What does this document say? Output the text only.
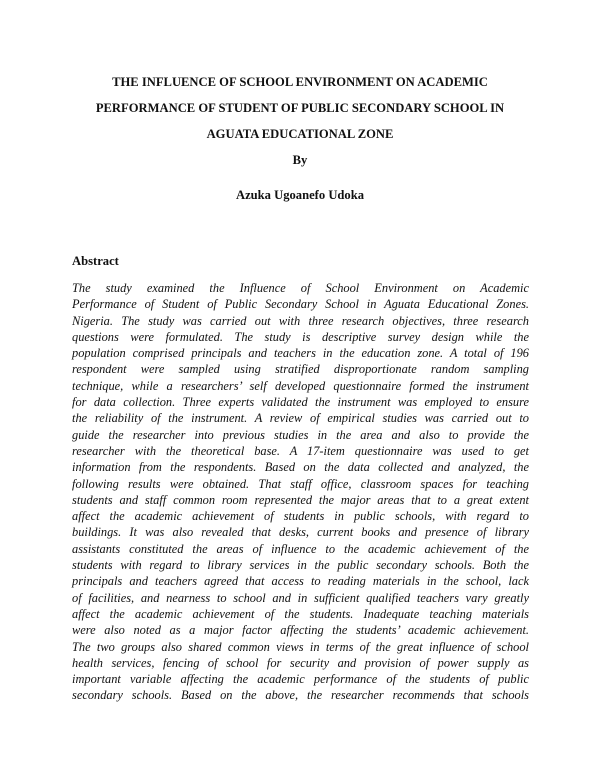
THE INFLUENCE OF SCHOOL ENVIRONMENT ON ACADEMIC
PERFORMANCE OF STUDENT OF PUBLIC SECONDARY SCHOOL IN
AGUATA EDUCATIONAL ZONE
By
Azuka Ugoanefo Udoka
Abstract
The study examined the Influence of School Environment on Academic
Performance of Student of Public Secondary School in Aguata Educational Zones.
Nigeria. The study was carried out with three research objectives, three research
questions were formulated. The study is descriptive survey design while the
population comprised principals and teachers in the education zone. A total of 196
respondent were sampled using stratified disproportionate random sampling
technique, while a researchers’ self developed questionnaire formed the instrument
for data collection. Three experts validated the instrument was employed to ensure
the reliability of the instrument. A review of empirical studies was carried out to
guide the researcher into previous studies in the area and also to provide the
researcher with the theoretical base. A 17-item questionnaire was used to get
information from the respondents. Based on the data collected and analyzed, the
following results were obtained. That staff office, classroom spaces for teaching
students and staff common room represented the major areas that to a great extent
affect the academic achievement of students in public schools, with regard to
buildings. It was also revealed that desks, current books and presence of library
assistants constituted the areas of influence to the academic achievement of the
students with regard to library services in the public secondary schools. Both the
principals and teachers agreed that access to reading materials in the school, lack
of facilities, and nearness to school and in sufficient qualified teachers vary greatly
affect the academic achievement of the students. Inadequate teaching materials
were also noted as a major factor affecting the students’ academic achievement.
The two groups also shared common views in terms of the great influence of school
health services, fencing of school for security and provision of power supply as
important variable affecting the academic performance of the students of public
secondary schools. Based on the above, the researcher recommends that schools
